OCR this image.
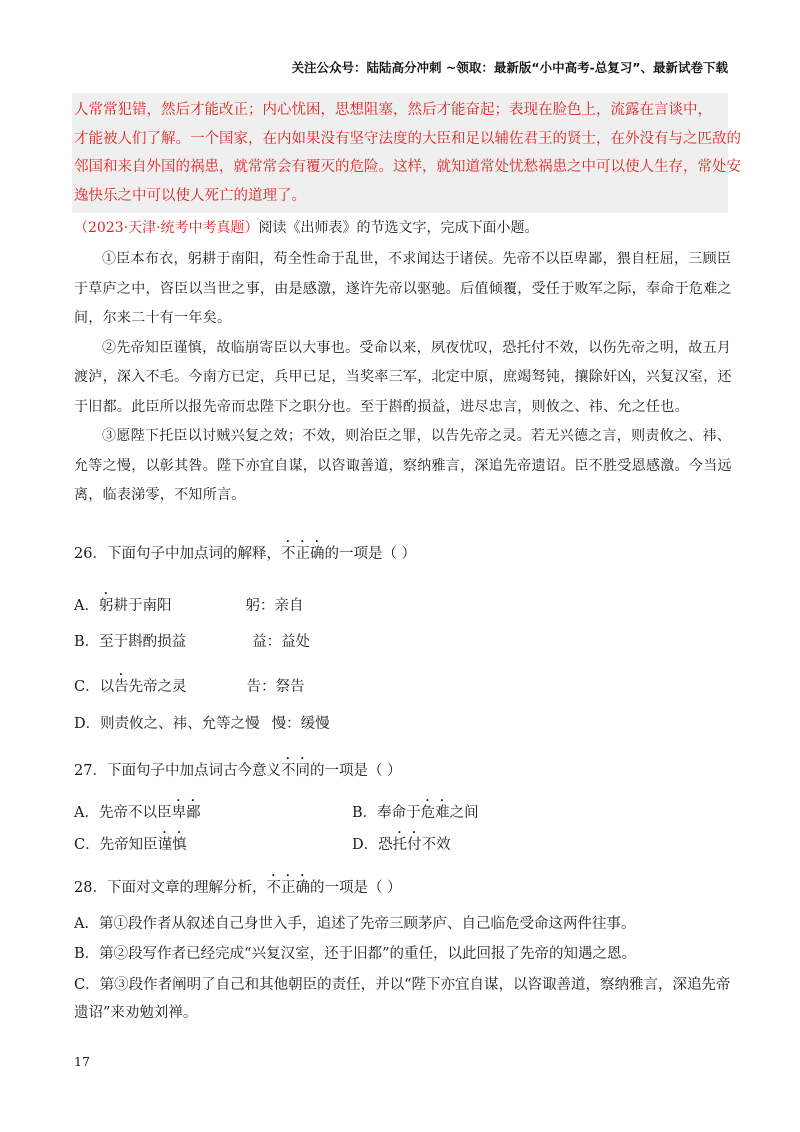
关注公众号：陆陆高分冲刺 ~领取：最新版“小中高考-总复习”、最新试卷下载
人常常犯错，然后才能改正；内心忧困，思想阻塞，然后才能奋起；表现在脸色上，流露在言谈中，
才能被人们了解。一个国家，在内如果没有坚守法度的大臣和足以辅佐君王的贤士，在外没有与之匹敌的
邻国和来自外国的祸患，就常常会有覆灭的危险。这样，就知道常处忧愁祸患之中可以使人生存，常处安
逸快乐之中可以使人死亡的道理了。
（2023·天津·统考中考真题）阅读《出师表》的节选文字，完成下面小题。
①臣本布衣，躬耕于南阳，苟全性命于乱世，不求闻达于诸侯。先帝不以臣卑鄙，猥自枉屈，三顾臣
于草庐之中，咨臣以当世之事，由是感激，遂许先帝以驱驰。后值倾覆，受任于败军之际，奉命于危难之
间，尔来二十有一年矣。
②先帝知臣谨慎，故临崩寄臣以大事也。受命以来，夙夜忧叹，恐托付不效，以伤先帝之明，故五月
渡泸，深入不毛。今南方已定，兵甲已足，当奖率三军，北定中原，庶竭驽钝，攘除奸凶，兴复汉室，还
于旧都。此臣所以报先帝而忠陛下之职分也。至于斟酌损益，进尽忠言，则攸之、祎、允之任也。
③愿陛下托臣以讨贼兴复之效；不效，则治臣之罪，以告先帝之灵。若无兴德之言，则责攸之、祎、
允等之慢，以彰其咎。陛下亦宜自谋，以咨诹善道，察纳雅言，深追先帝遗诏。臣不胜受恩感激。今当远
离，临表涕零，不知所言。
26．下面句子中加点词的解释，不正确的一项是（ ）
A．躬耕于南阳	躬：亲自
B．至于斟酌损益	益：益处
C．以告先帝之灵	告：祭告
D．则责攸之、祎、允等之慢 慢：缓慢
27．下面句子中加点词古今意义不同的一项是（ ）
A．先帝不以臣卑鄙	B．奉命于危难之间
C．先帝知臣谨慎	D．恐托付不效
28．下面对文章的理解分析，不正确的一项是（ ）
A．第①段作者从叙述自己身世入手，追述了先帝三顾茅庐、自己临危受命这两件往事。
B．第②段写作者已经完成“兴复汉室，还于旧都”的重任，以此回报了先帝的知遇之恩。
C．第③段作者阐明了自己和其他朝臣的责任，并以“陛下亦宜自谋，以咨诹善道，察纳雅言，深追先帝
遗诏”来劝勉刘禅。
17
